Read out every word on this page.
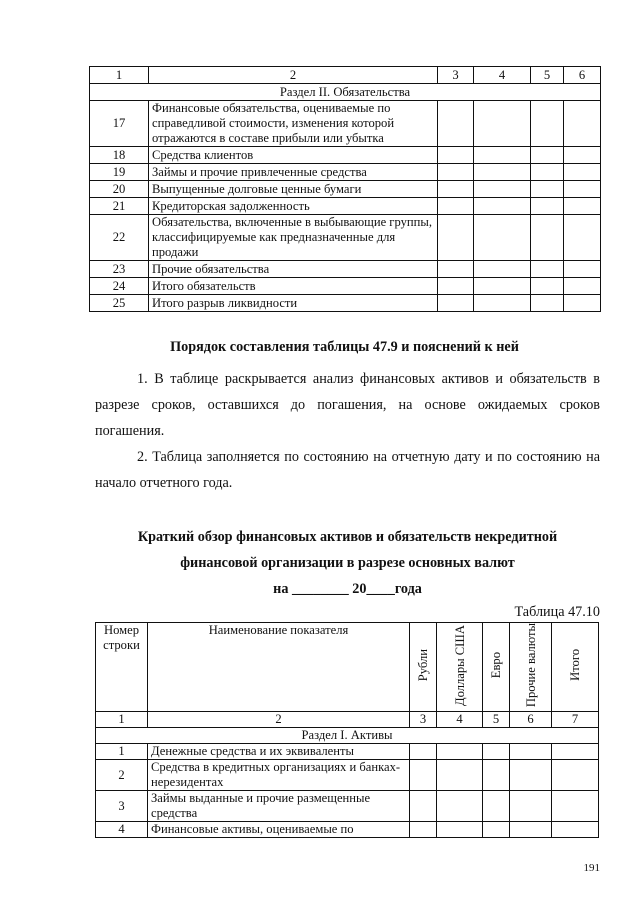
1	2	3	4	5	6
Раздел II. Обязательства					
17	Финансовые обязательства, оцениваемые по справедливой стоимости, изменения которой отражаются в составе прибыли или убытка				
18	Средства клиентов				
19	Займы и прочие привлеченные средства				
20	Выпущенные долговые ценные бумаги				
21	Кредиторская задолженность				
22	Обязательства, включенные в выбывающие группы, классифицируемые как предназначенные для продажи				
23	Прочие обязательства				
24	Итого обязательств				
25	Итого разрыв ликвидности				
Порядок составления таблицы 47.9 и пояснений к ней
1. В таблице раскрывается анализ финансовых активов и обязательств в разрезе сроков, оставшихся до погашения, на основе ожидаемых сроков погашения.
2. Таблица заполняется по состоянию на отчетную дату и по состоянию на начало отчетного года.
Краткий обзор финансовых активов и обязательств некредитной
финансовой организации в разрезе основных валют
на ________ 20____года
Таблица 47.10
Номер строки	Наименование показателя	Рубли	Доллары США	Евро	Прочие валюты	Итого
1	2	3	4	5	6	7
Раздел I. Активы						
1	Денежные средства и их эквиваленты					
2	Средства в кредитных организациях и банках-нерезидентах					
3	Займы выданные и прочие размещенные средства					
4	Финансовые активы, оцениваемые по					
191
